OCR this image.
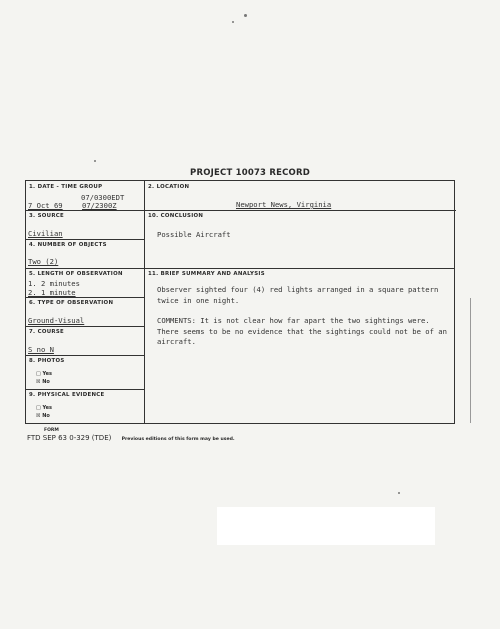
PROJECT 10073 RECORD
1. DATE - TIME GROUP
07/0300EDT
7 Oct 69	07/2300Z
2. LOCATION
Newport News, Virginia
3. SOURCE
Civilian
10. CONCLUSION
Possible Aircraft
4. NUMBER OF OBJECTS
Two (2)
5. LENGTH OF OBSERVATION
1. 2 minutes
2. 1 minute
11. BRIEF SUMMARY AND ANALYSIS
Observer sighted four (4) red lights arranged in a square pattern twice in one night.
COMMENTS: It is not clear how far apart the two sightings were. There seems to be no evidence that the sightings could not be of an aircraft.
6. TYPE OF OBSERVATION
Ground-Visual
7. COURSE
S no N
8. PHOTOS
□ Yes
☒ No
9. PHYSICAL EVIDENCE
□ Yes
☒ No
FORM
FTD SEP 63 0-329 (TDE) Previous editions of this form may be used.
